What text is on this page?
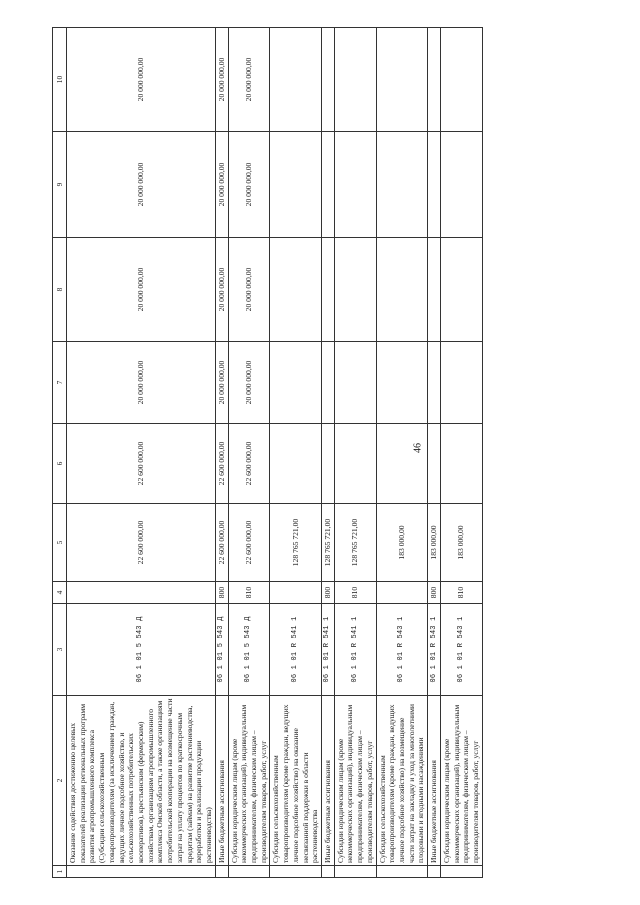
46
1	2	3	4	5	6	7	8	9	10
	Оказание содействия достижению целевых показателей реализации региональных программ развития агропромышленного комплекса (Субсидии сельскохозяйственным товаропроизводителям (за исключением граждан, ведущих личное подсобное хозяйство, и сельскохозяйственных потребительских кооперативов), крестьянским (фермерским) хозяйствам, организациям агропромышленного комплекса Омской области, а также организациям потребительской кооперации на возмещение части затрат на уплату процентов по краткосрочным кредитам (займам) на развитие растениеводства, переработки и реализации продукции растениеводства)	06 1 01 5 543 Д		22 600 000,00	22 600 000,00	20 000 000,00	20 000 000,00	20 000 000,00	20 000 000,00
	Иные бюджетные ассигнования	06 1 01 5 543 Д	800	22 600 000,00	22 600 000,00	20 000 000,00	20 000 000,00	20 000 000,00	20 000 000,00
	Субсидии юридическим лицам (кроме некоммерческих организаций), индивидуальным предпринимателям, физическим лицам – производителям товаров, работ, услуг	06 1 01 5 543 Д	810	22 600 000,00	22 600 000,00	20 000 000,00	20 000 000,00	20 000 000,00	20 000 000,00
	Субсидии сельскохозяйственным товаропроизводителям (кроме граждан, ведущих личное подсобное хозяйство) на оказание несвязанной поддержки в области растениеводства	06 1 01 R 541 1		128 765 721,00					
	Иные бюджетные ассигнования	06 1 01 R 541 1	800	128 765 721,00					
	Субсидии юридическим лицам (кроме некоммерческих организаций), индивидуальным предпринимателям, физическим лицам – производителям товаров, работ, услуг	06 1 01 R 541 1	810	128 765 721,00					
	Субсидии сельскохозяйственным товаропроизводителям (кроме граждан, ведущих личное подсобное хозяйство) на возмещение части затрат на закладку и уход за многолетними плодовыми и ягодными насаждениями	06 1 01 R 543 1		183 000,00					
	Иные бюджетные ассигнования	06 1 01 R 543 1	800	183 000,00					
	Субсидии юридическим лицам (кроме некоммерческих организаций), индивидуальным предпринимателям, физическим лицам – производителям товаров, работ, услуг	06 1 01 R 543 1	810	183 000,00					
